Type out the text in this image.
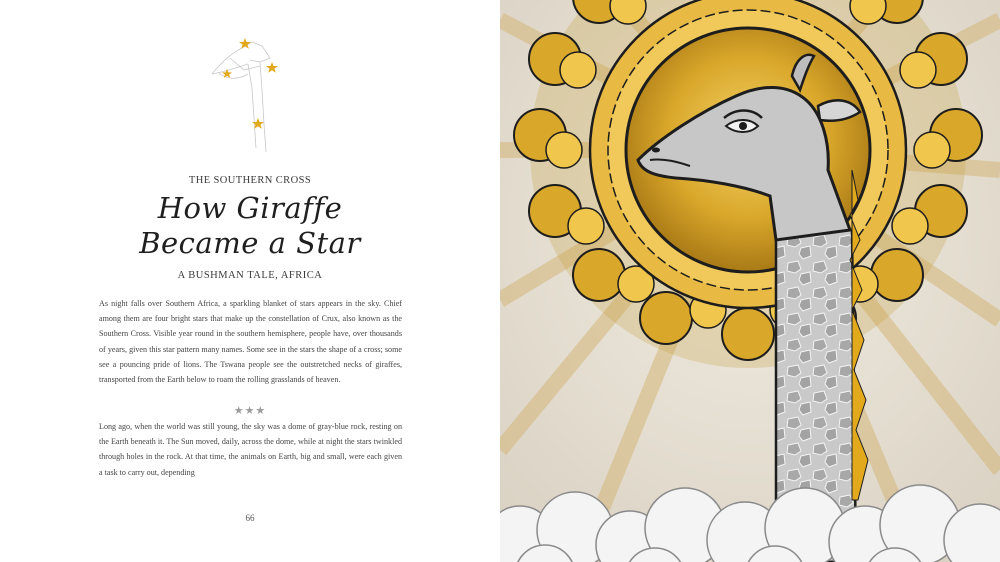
THE SOUTHERN CROSS
How Giraffe
Became a Star
A BUSHMAN TALE, AFRICA

As night falls over Southern Africa, a sparkling blanket of stars appears in the sky. Chief among them are four bright stars that make up the constellation of Crux, also known as the Southern Cross. Visible year round in the southern hemisphere, people have, over thousands of years, given this star pattern many names. Some see in the stars the shape of a cross; some see a pouncing pride of lions. The Tswana people see the outstretched necks of giraffes, transported from the Earth below to roam the rolling grasslands of heaven.

★★★

Long ago, when the world was still young, the sky was a dome of gray-blue rock, resting on the Earth beneath it. The Sun moved, daily, across the dome, while at night the stars twinkled through holes in the rock. At that time, the animals on Earth, big and small, were each given a task to carry out, depending

66
